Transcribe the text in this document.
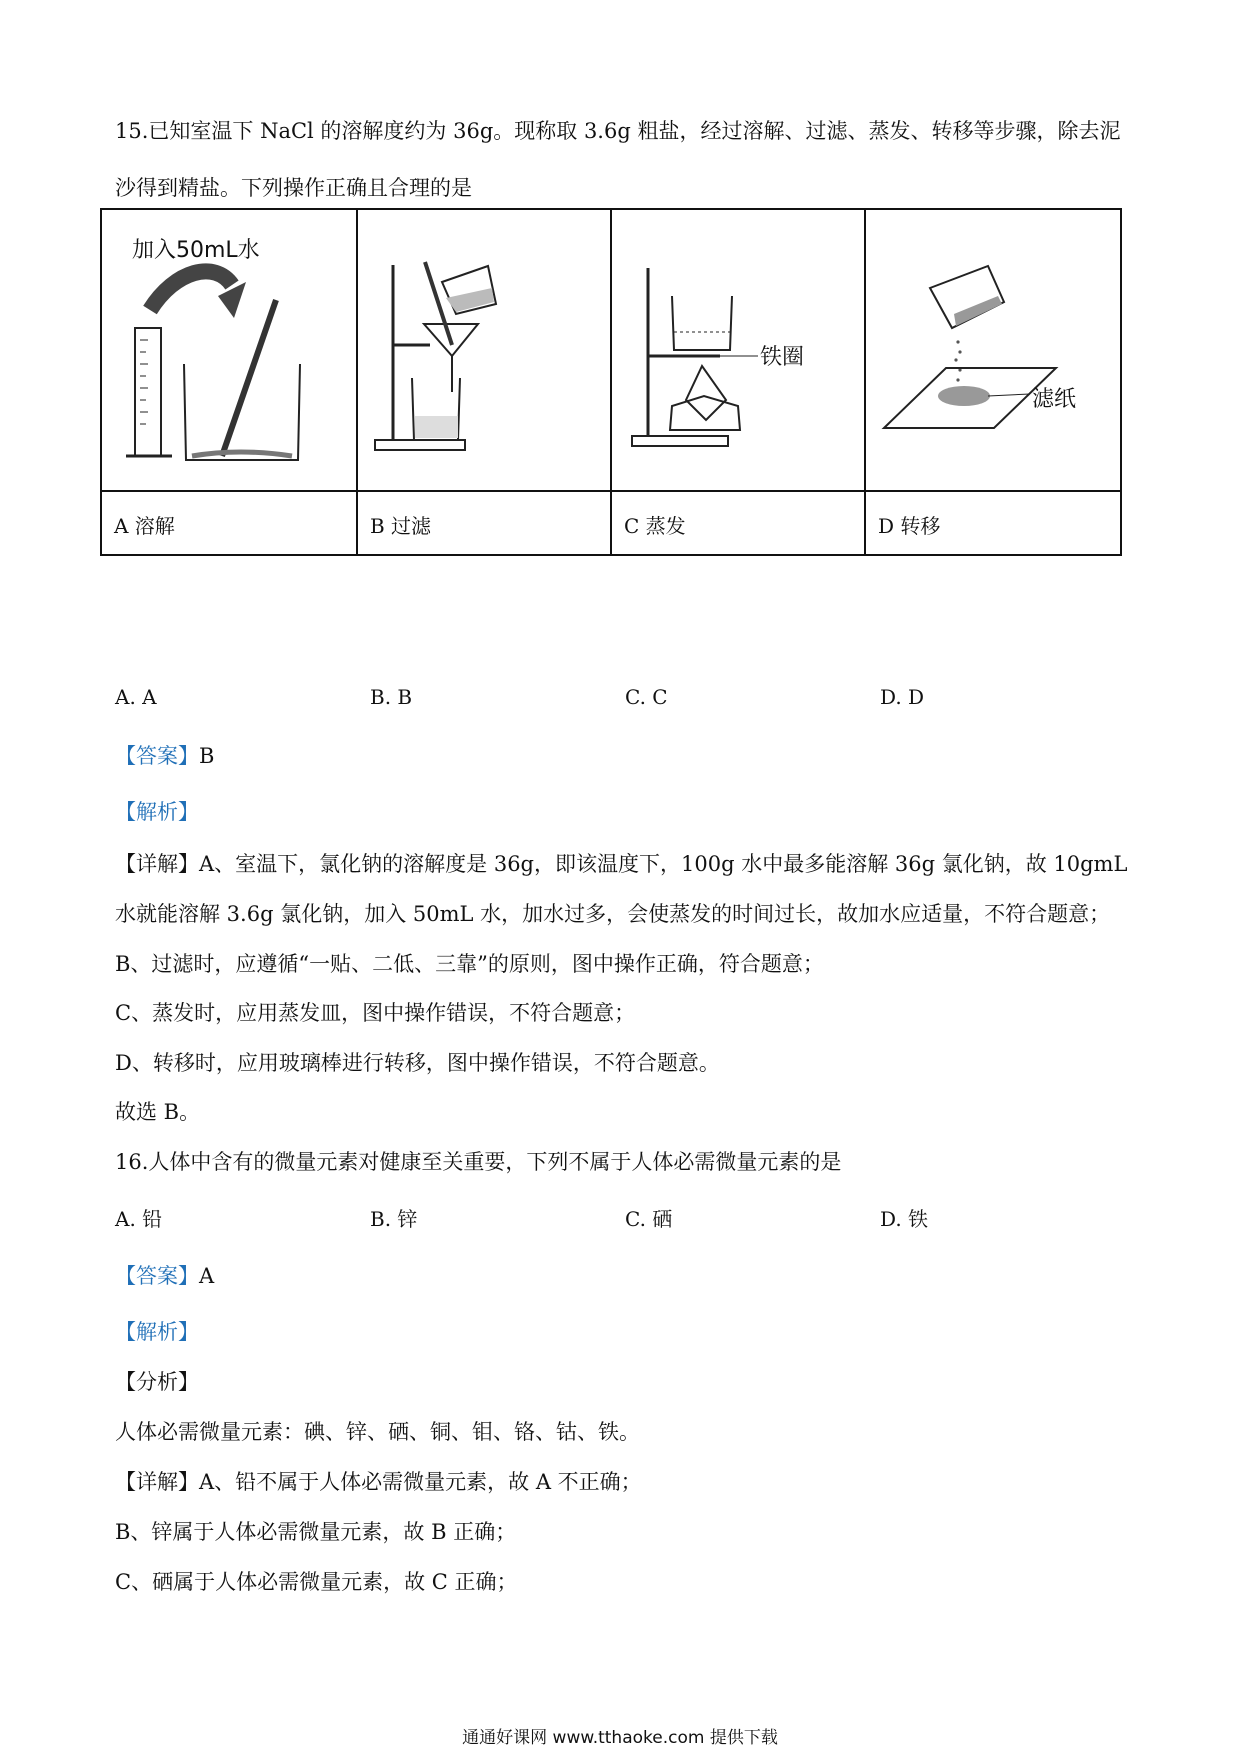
15.已知室温下 NaCl 的溶解度约为 36g。现称取 3.6g 粗盐，经过溶解、过滤、蒸发、转移等步骤，除去泥
沙得到精盐。下列操作正确且合理的是
A 溶解	B 过滤	C 蒸发	D 转移
加入50mL水
铁圈
滤纸
A. A	B. B	C. C	D. D
【答案】B
【解析】
【详解】A、室温下，氯化钠的溶解度是 36g，即该温度下，100g 水中最多能溶解 36g 氯化钠，故 10gmL
水就能溶解 3.6g 氯化钠，加入 50mL 水，加水过多，会使蒸发的时间过长，故加水应适量，不符合题意；
B、过滤时，应遵循“一贴、二低、三靠”的原则，图中操作正确，符合题意；
C、蒸发时，应用蒸发皿，图中操作错误，不符合题意；
D、转移时，应用玻璃棒进行转移，图中操作错误，不符合题意。
故选 B。
16.人体中含有的微量元素对健康至关重要，下列不属于人体必需微量元素的是
A. 铅	B. 锌	C. 硒	D. 铁
【答案】A
【解析】
【分析】
人体必需微量元素：碘、锌、硒、铜、钼、铬、钴、铁。
【详解】A、铅不属于人体必需微量元素，故 A 不正确；
B、锌属于人体必需微量元素，故 B 正确；
C、硒属于人体必需微量元素，故 C 正确；
通通好课网 www.tthaoke.com 提供下载
